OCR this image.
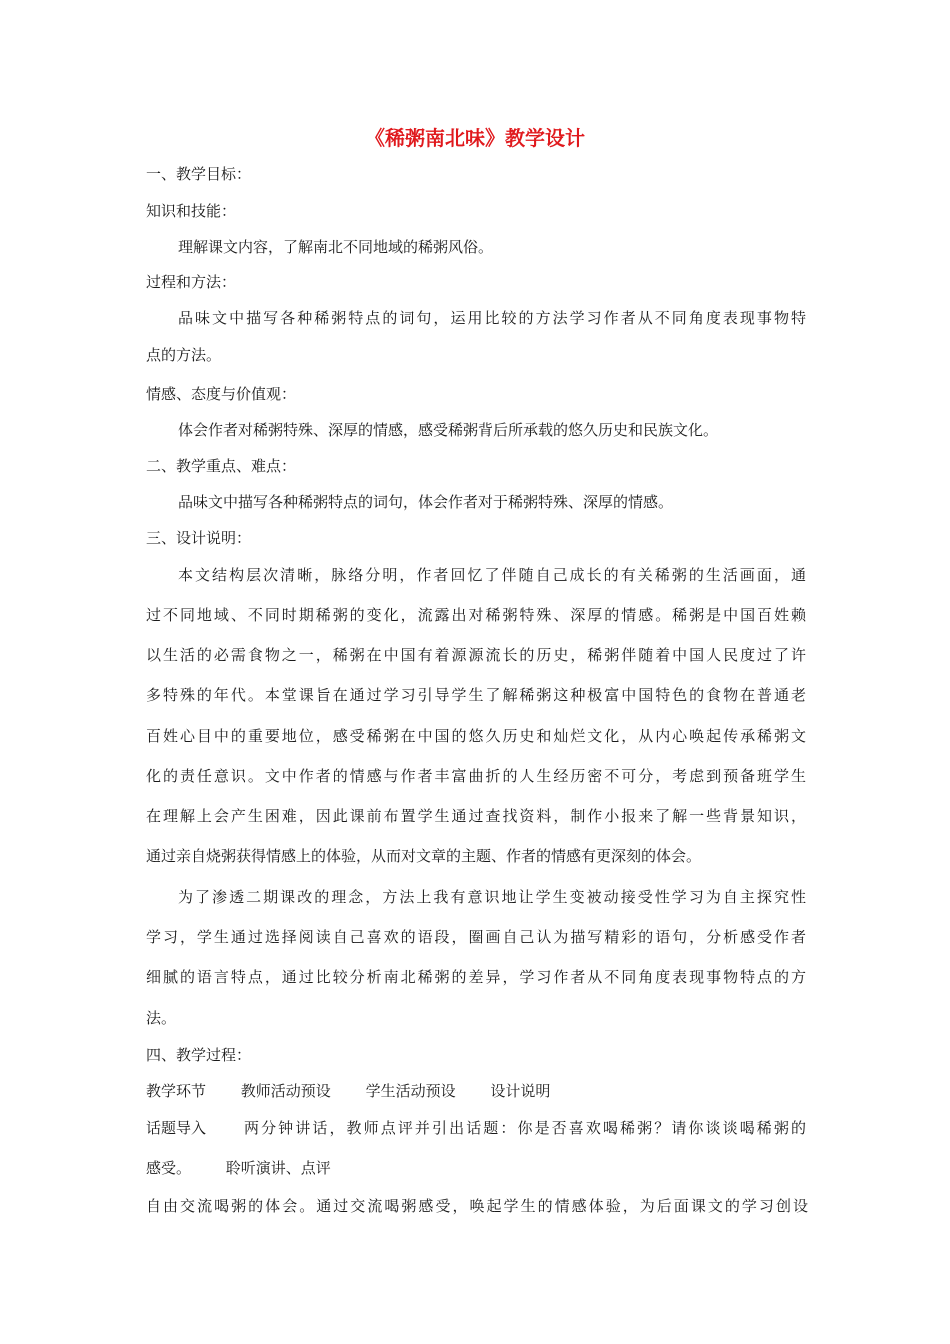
《稀粥南北味》教学设计
一、教学目标：
知识和技能：
理解课文内容，了解南北不同地域的稀粥风俗。
过程和方法：
品味文中描写各种稀粥特点的词句，运用比较的方法学习作者从不同角度表现事物特
点的方法。
情感、态度与价值观：
体会作者对稀粥特殊、深厚的情感，感受稀粥背后所承载的悠久历史和民族文化。
二、教学重点、难点：
品味文中描写各种稀粥特点的词句，体会作者对于稀粥特殊、深厚的情感。
三、设计说明：
本文结构层次清晰，脉络分明，作者回忆了伴随自己成长的有关稀粥的生活画面，通
过不同地域、不同时期稀粥的变化，流露出对稀粥特殊、深厚的情感。稀粥是中国百姓赖
以生活的必需食物之一，稀粥在中国有着源源流长的历史，稀粥伴随着中国人民度过了许
多特殊的年代。本堂课旨在通过学习引导学生了解稀粥这种极富中国特色的食物在普通老
百姓心目中的重要地位，感受稀粥在中国的悠久历史和灿烂文化，从内心唤起传承稀粥文
化的责任意识。文中作者的情感与作者丰富曲折的人生经历密不可分，考虑到预备班学生
在理解上会产生困难，因此课前布置学生通过查找资料，制作小报来了解一些背景知识，
通过亲自烧粥获得情感上的体验，从而对文章的主题、作者的情感有更深刻的体会。
为了渗透二期课改的理念，方法上我有意识地让学生变被动接受性学习为自主探究性
学习，学生通过选择阅读自己喜欢的语段，圈画自己认为描写精彩的语句，分析感受作者
细腻的语言特点，通过比较分析南北稀粥的差异，学习作者从不同角度表现事物特点的方
法。
四、教学过程：
教学环节 教师活动预设 学生活动预设 设计说明
话题导入	两分钟讲话，教师点评并引出话题：你是否喜欢喝稀粥？请你谈谈喝稀粥的
感受。 聆听演讲、点评
自由交流喝粥的体会。通过交流喝粥感受，唤起学生的情感体验，为后面课文的学习创设
